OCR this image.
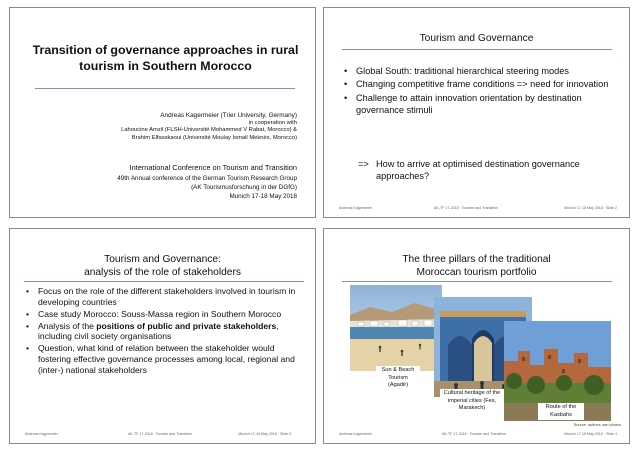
Transition of governance approaches in rural tourism in Southern Morocco
Andreas Kagermeier (Trier University, Germany)
in cooperation with
Lahoucine Amzil (FLSH-Université Mohammed V Rabat, Morocco) &
Brahim Elfasskaoui (Université Moulay Ismail Meknès, Morocco)
International Conference on Tourism and Transition
49th Annual conference of the German Tourism Research Group
(AK Tourismusforschung in der DGfG)
Munich 17-18 May 2018
Tourism and Governance
• Global South: traditional hierarchical steering modes
• Changing competitive frame conditions => need for innovation
• Challenge to attain innovation orientation by destination governance stimuli
=> How to arrive at optimised destination governance approaches?
Andreas Kagermeier	AK-TF 17-2018 · Tourism and Transition	Munich 17-18 May 2018 · Slide 2
Tourism and Governance:
analysis of the role of stakeholders
• Focus on the role of the different stakeholders involved in tourism in developing countries
• Case study Morocco: Souss-Massa region in Southern Morocco
• Analysis of the positions of public and private stakeholders, including civil society organisations
• Question, what kind of relation between the stakeholder would fostering effective governance processes among local, regional and (inter-) national stakeholders
Andreas Kagermeier	AK-TF 17-2018 · Tourism and Transition	Munich 17-18 May 2018 · Slide 3
The three pillars of the traditional
Moroccan tourism portfolio
Sun & Beach Tourism (Agadir)
Cultural heritage of the imperial cities (Fes, Marakech)	Route of the Kasbahs
Source: authors own photos
Andreas Kagermeier	AK-TF 17-2018 · Tourism and Transition	Munich 17-18 May 2018 · Slide 4
